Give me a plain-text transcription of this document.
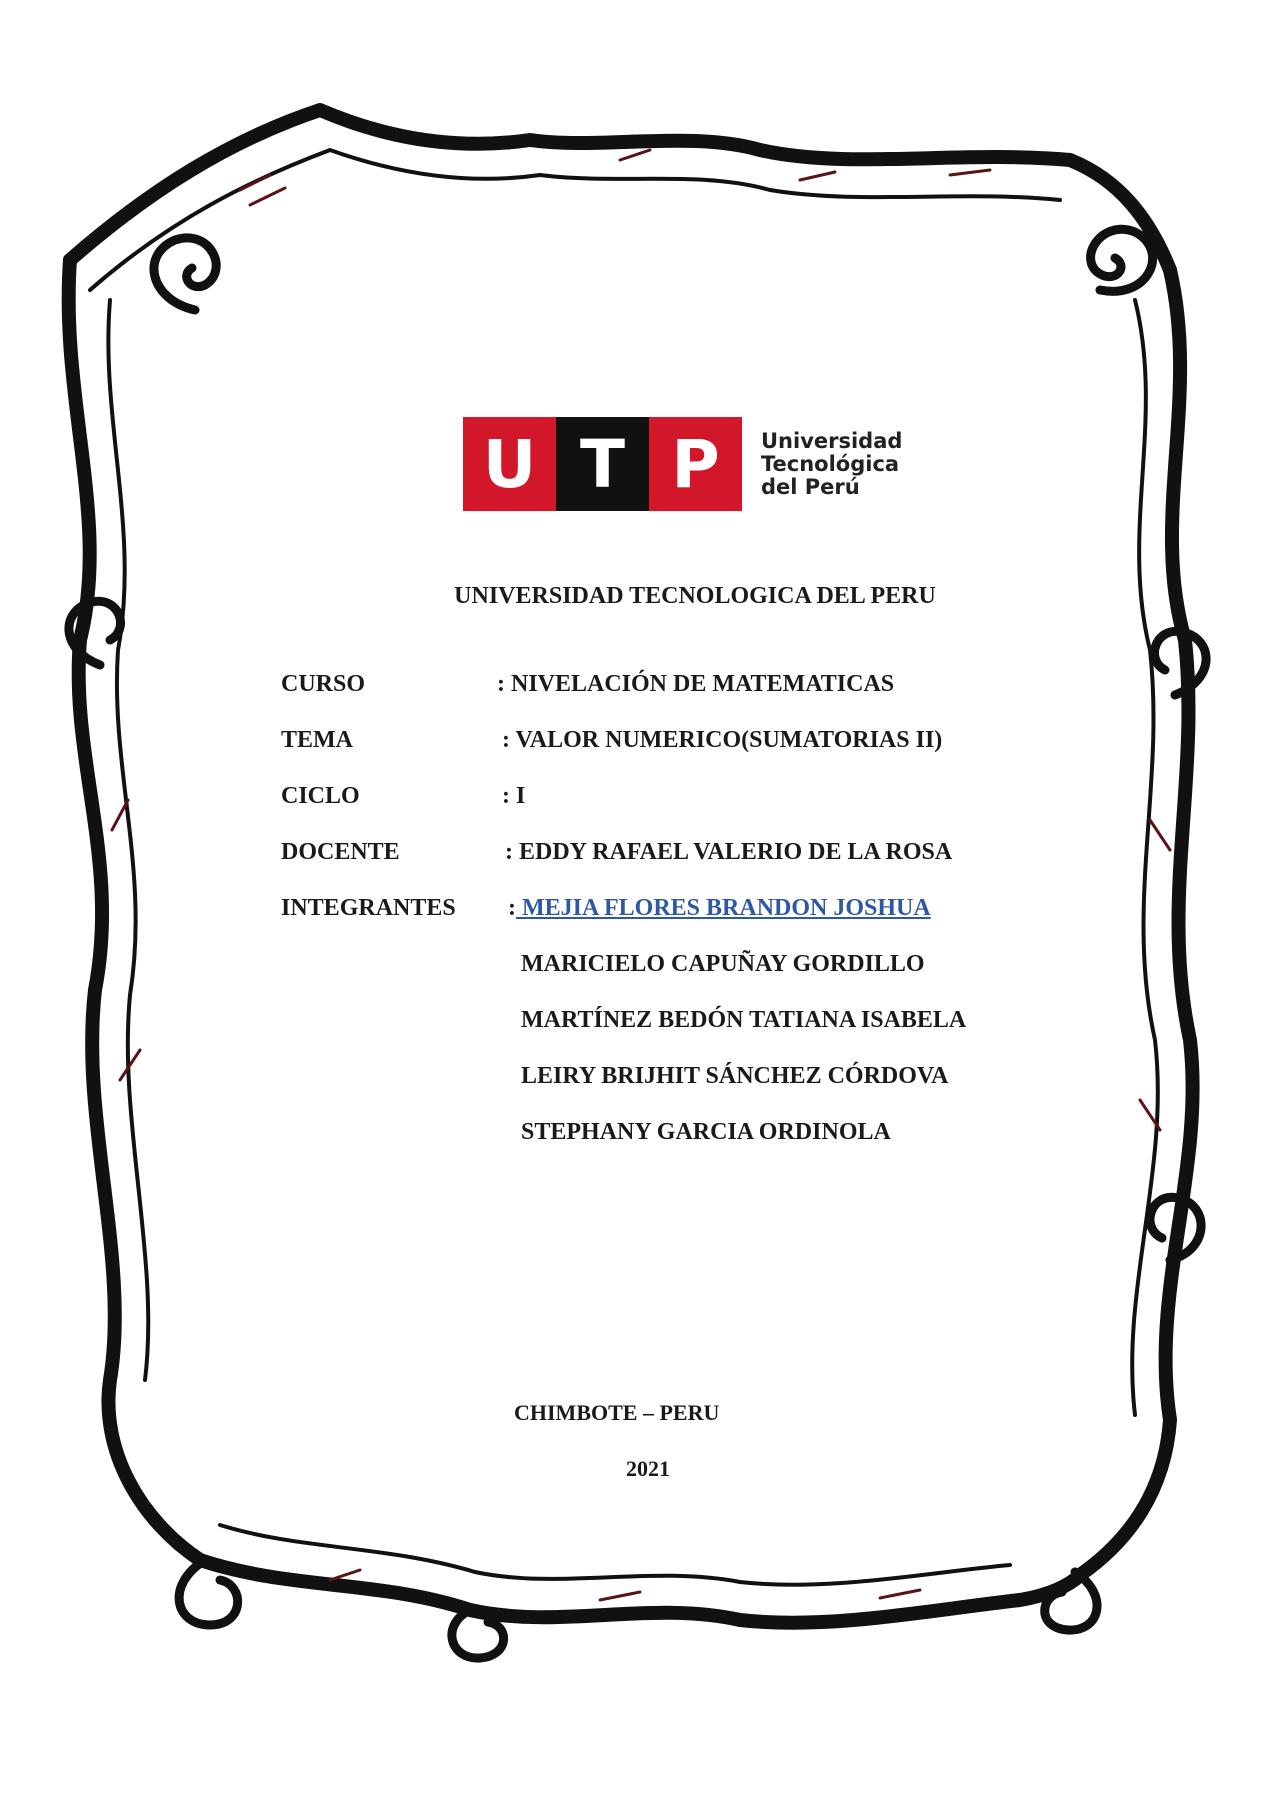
U T P	Universidad
Tecnológica
del Perú
UNIVERSIDAD TECNOLOGICA DEL PERU
CURSO	: NIVELACIÓN DE MATEMATICAS
TEMA	: VALOR NUMERICO(SUMATORIAS II)
CICLO	: I
DOCENTE	: EDDY RAFAEL VALERIO DE LA ROSA
INTEGRANTES : MEJIA FLORES BRANDON JOSHUA
MARICIELO CAPUÑAY GORDILLO
MARTÍNEZ BEDÓN TATIANA ISABELA
LEIRY BRIJHIT SÁNCHEZ CÓRDOVA
STEPHANY GARCIA ORDINOLA
CHIMBOTE – PERU
2021
